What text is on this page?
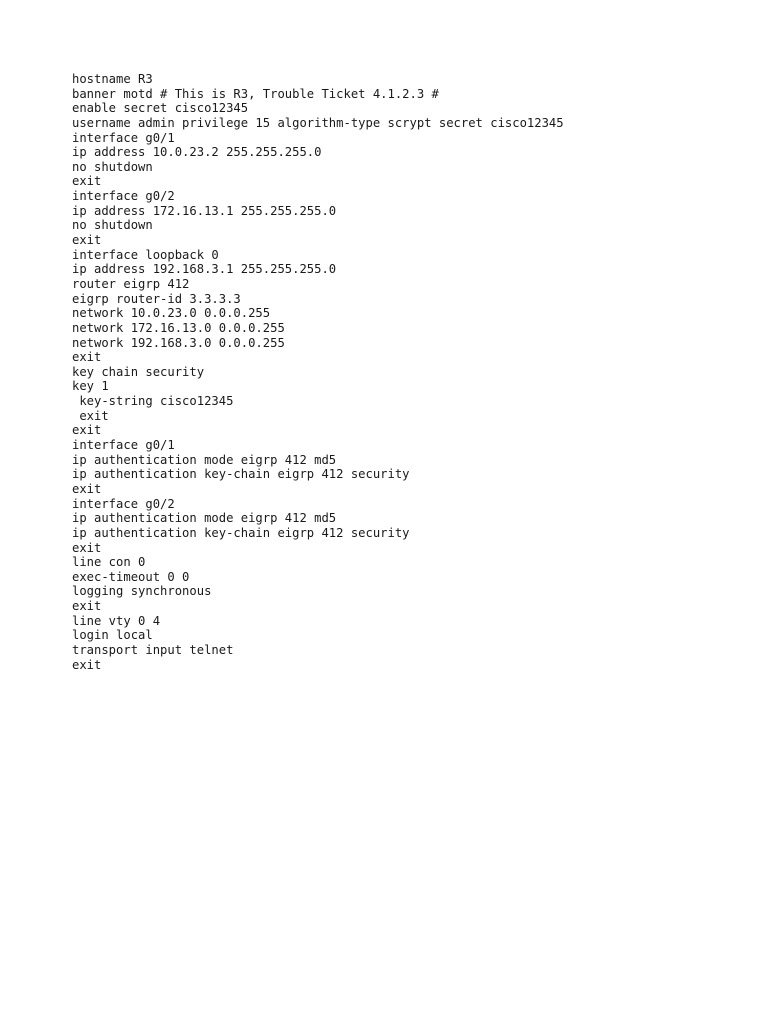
hostname R3
banner motd # This is R3, Trouble Ticket 4.1.2.3 #
enable secret cisco12345
username admin privilege 15 algorithm-type scrypt secret cisco12345
interface g0/1
ip address 10.0.23.2 255.255.255.0
no shutdown
exit
interface g0/2
ip address 172.16.13.1 255.255.255.0
no shutdown
exit
interface loopback 0
ip address 192.168.3.1 255.255.255.0
router eigrp 412
eigrp router-id 3.3.3.3
network 10.0.23.0 0.0.0.255
network 172.16.13.0 0.0.0.255
network 192.168.3.0 0.0.0.255
exit
key chain security
key 1
key-string cisco12345
exit
exit
interface g0/1
ip authentication mode eigrp 412 md5
ip authentication key-chain eigrp 412 security
exit
interface g0/2
ip authentication mode eigrp 412 md5
ip authentication key-chain eigrp 412 security
exit
line con 0
exec-timeout 0 0
logging synchronous
exit
line vty 0 4
login local
transport input telnet
exit
